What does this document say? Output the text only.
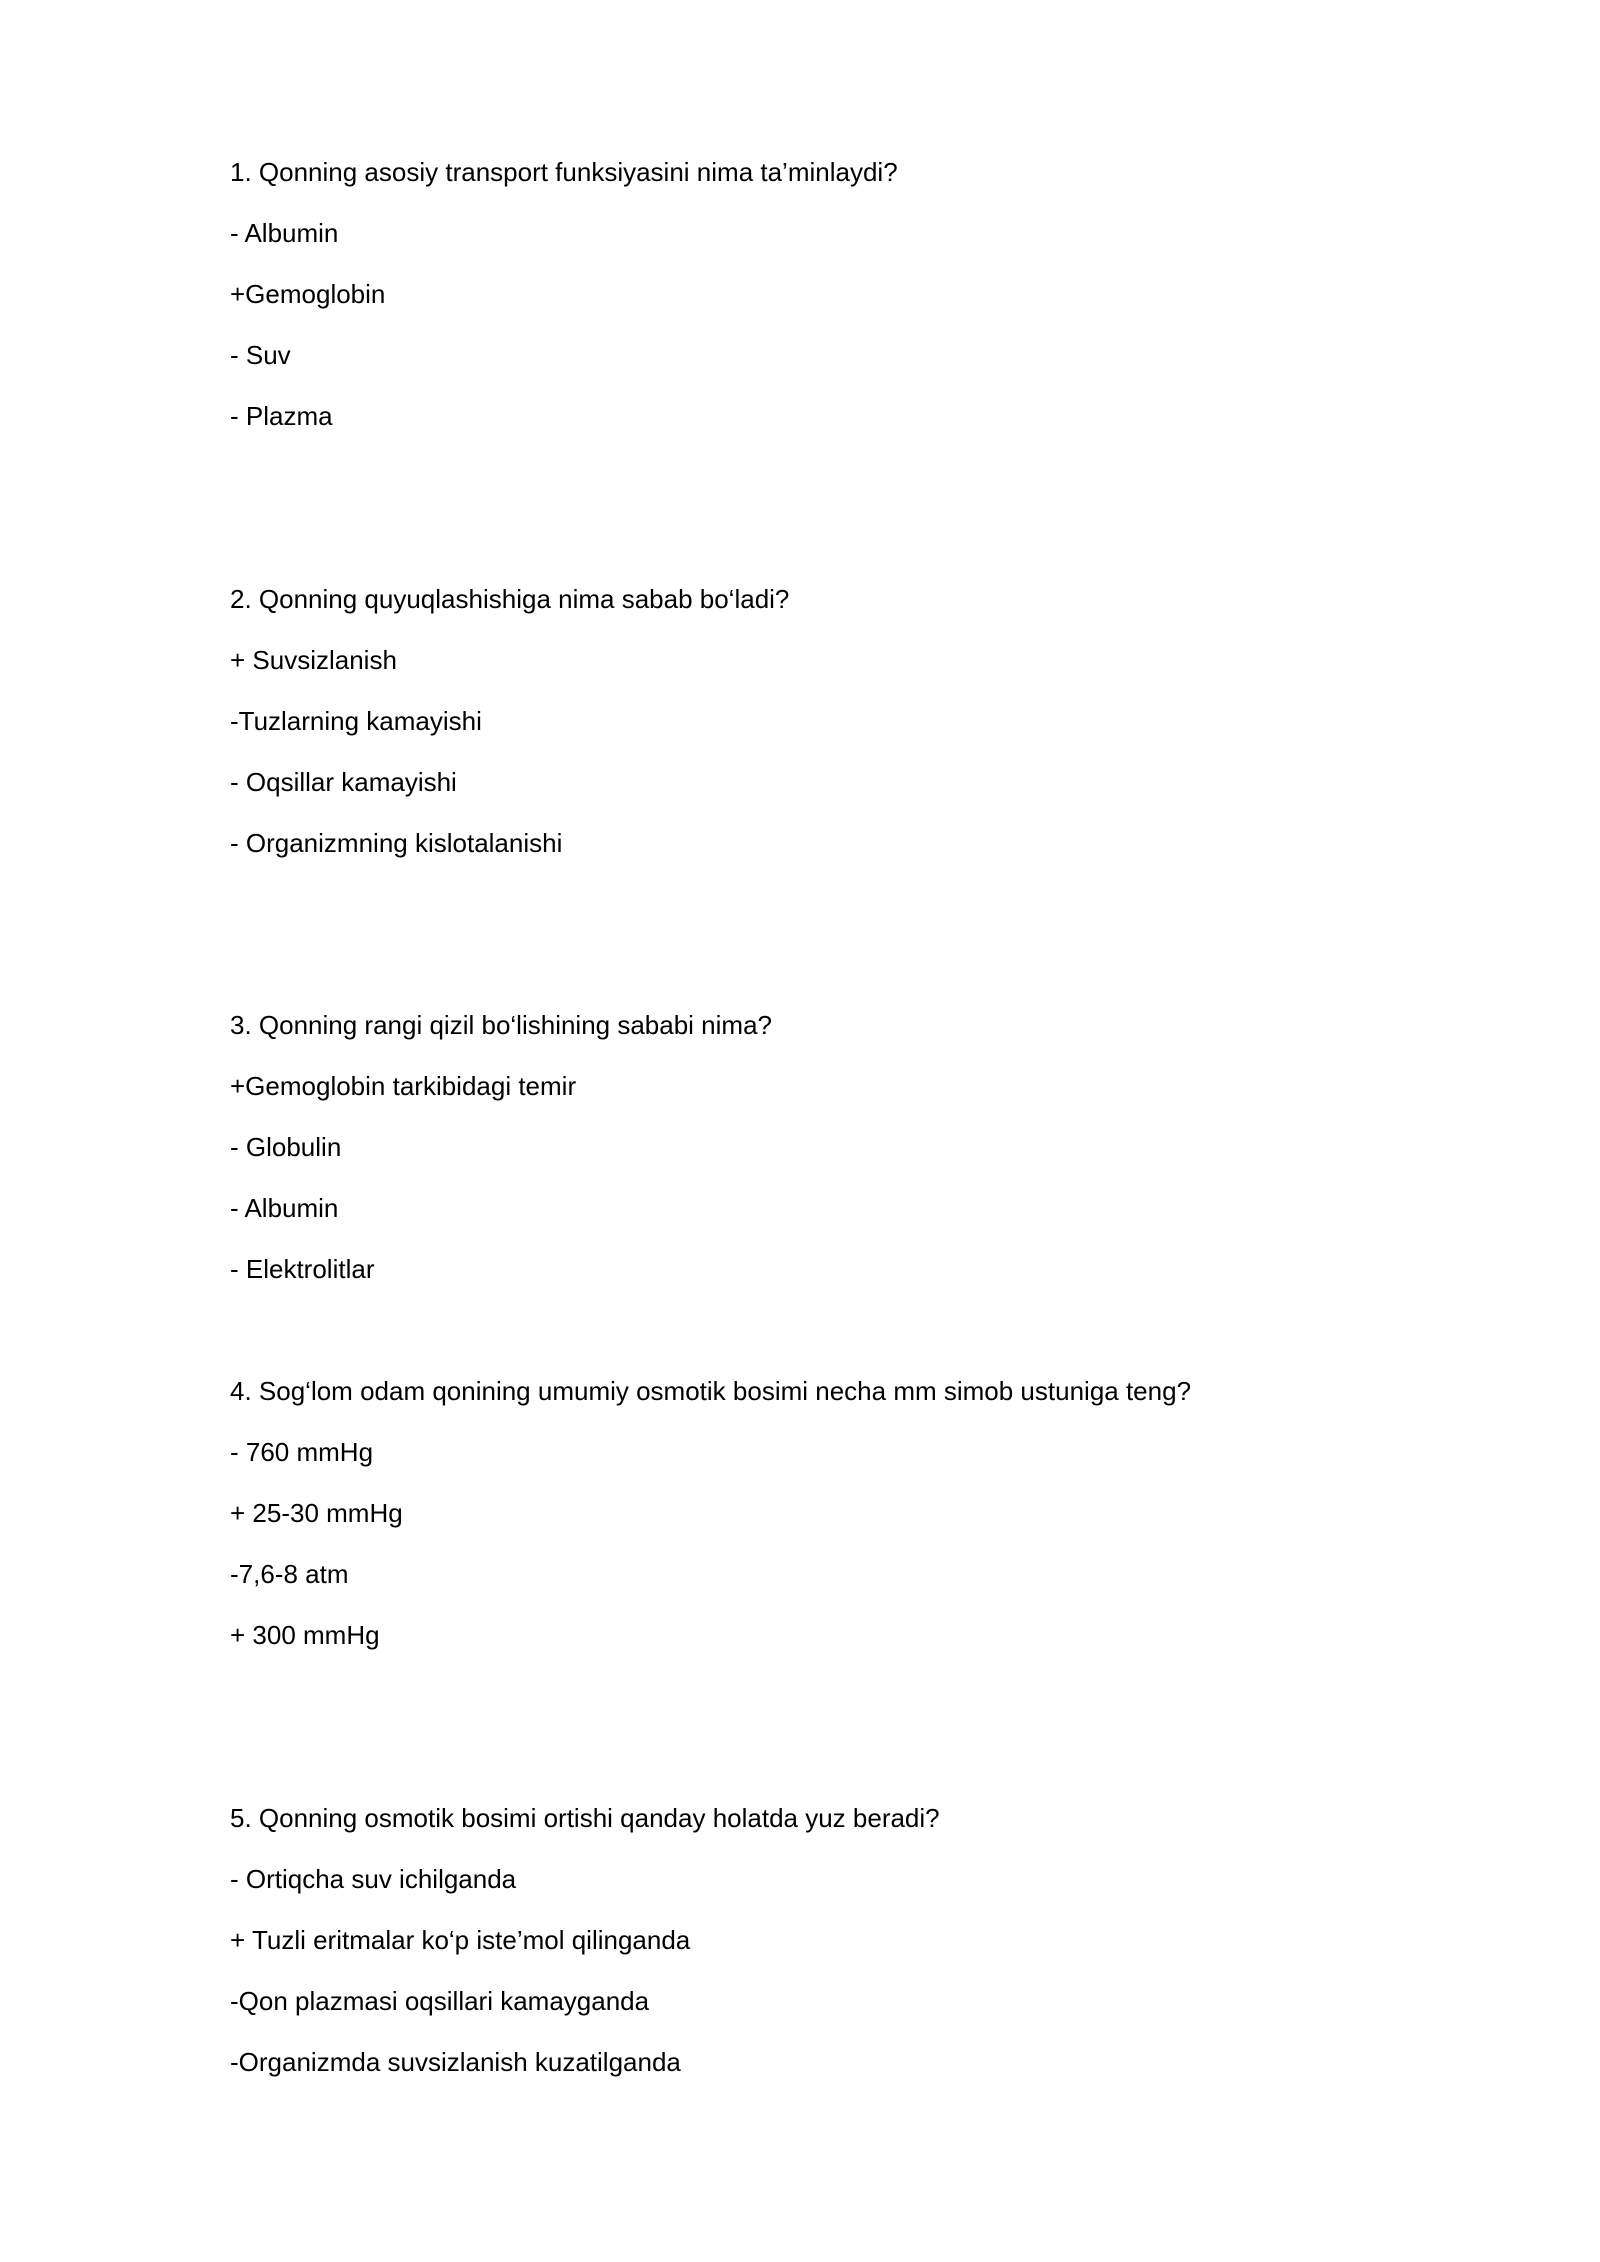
1. Qonning asosiy transport funksiyasini nima ta’minlaydi?
- Albumin
+Gemoglobin
- Suv
- Plazma
2. Qonning quyuqlashishiga nima sabab bo‘ladi?
+ Suvsizlanish
-Tuzlarning kamayishi
- Oqsillar kamayishi
- Organizmning kislotalanishi
3. Qonning rangi qizil bo‘lishining sababi nima?
+Gemoglobin tarkibidagi temir
- Globulin
- Albumin
- Elektrolitlar
4. Sog‘lom odam qonining umumiy osmotik bosimi necha mm simob ustuniga teng?
- 760 mmHg
+ 25-30 mmHg
-7,6-8 atm
+ 300 mmHg
5. Qonning osmotik bosimi ortishi qanday holatda yuz beradi?
- Ortiqcha suv ichilganda
+ Tuzli eritmalar ko‘p iste’mol qilinganda
-Qon plazmasi oqsillari kamayganda
-Organizmda suvsizlanish kuzatilganda
